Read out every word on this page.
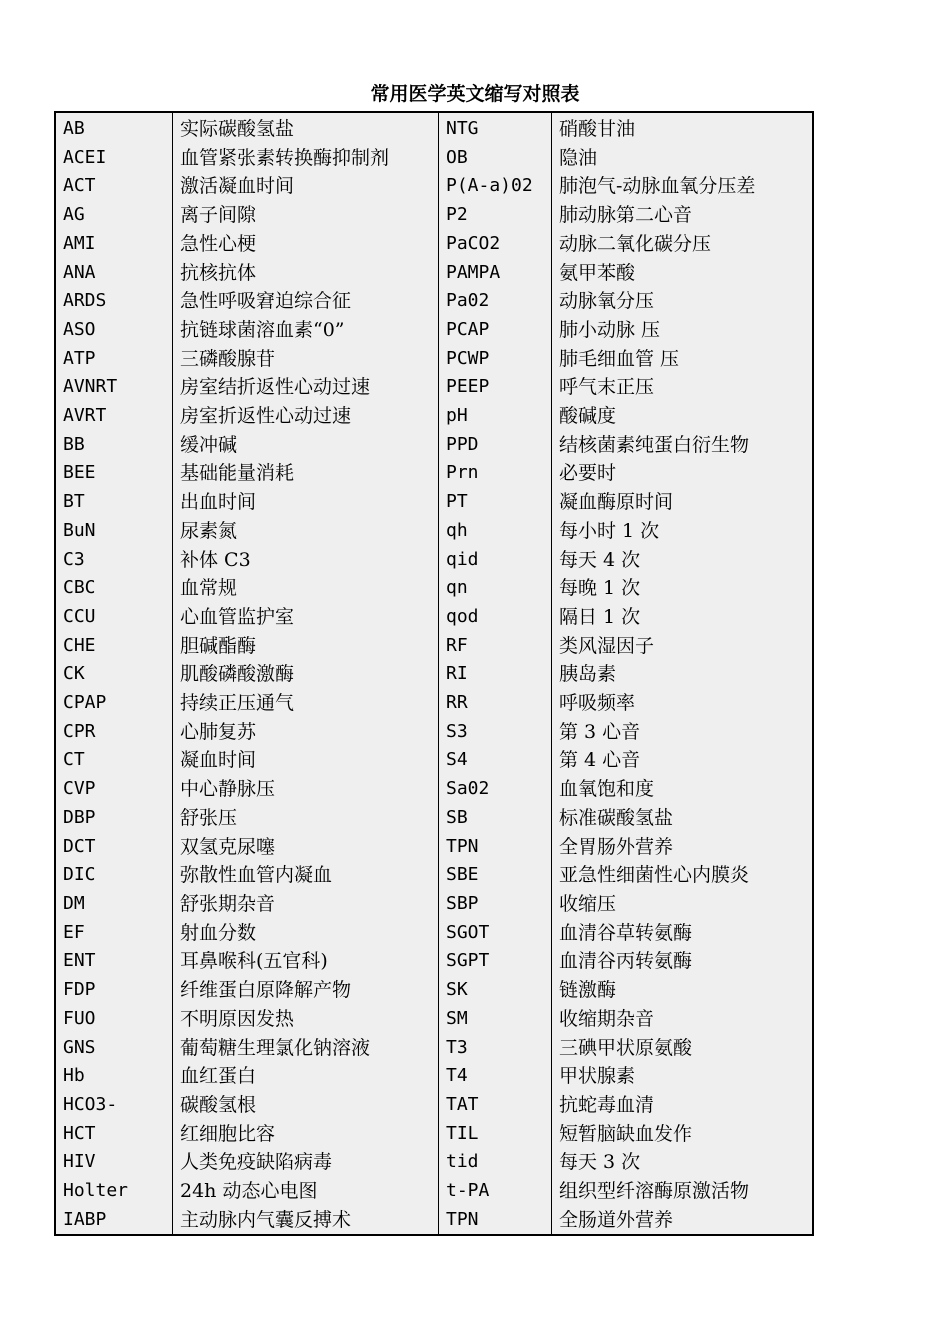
常用医学英文缩写对照表
AB	实际碳酸氢盐	NTG	硝酸甘油
ACEI	血管紧张素转换酶抑制剂	OB	隐油
ACT	激活凝血时间	P(A-a)02	肺泡气-动脉血氧分压差
AG	离子间隙	P2	肺动脉第二心音
AMI	急性心梗	PaCO2	动脉二氧化碳分压
ANA	抗核抗体	PAMPA	氨甲苯酸
ARDS	急性呼吸窘迫综合征	Pa02	动脉氧分压
ASO	抗链球菌溶血素“0”	PCAP	肺小动脉 压
ATP	三磷酸腺苷	PCWP	肺毛细血管 压
AVNRT	房室结折返性心动过速	PEEP	呼气末正压
AVRT	房室折返性心动过速	pH	酸碱度
BB	缓冲碱	PPD	结核菌素纯蛋白衍生物
BEE	基础能量消耗	Prn	必要时
BT	出血时间	PT	凝血酶原时间
BuN	尿素氮	qh	每小时 1 次
C3	补体 C3	qid	每天 4 次
CBC	血常规	qn	每晚 1 次
CCU	心血管监护室	qod	隔日 1 次
CHE	胆碱酯酶	RF	类风湿因子
CK	肌酸磷酸激酶	RI	胰岛素
CPAP	持续正压通气	RR	呼吸频率
CPR	心肺复苏	S3	第 3 心音
CT	凝血时间	S4	第 4 心音
CVP	中心静脉压	Sa02	血氧饱和度
DBP	舒张压	SB	标准碳酸氢盐
DCT	双氢克尿噻	TPN	全胃肠外营养
DIC	弥散性血管内凝血	SBE	亚急性细菌性心内膜炎
DM	舒张期杂音	SBP	收缩压
EF	射血分数	SGOT	血清谷草转氨酶
ENT	耳鼻喉科(五官科)	SGPT	血清谷丙转氨酶
FDP	纤维蛋白原降解产物	SK	链激酶
FUO	不明原因发热	SM	收缩期杂音
GNS	葡萄糖生理氯化钠溶液	T3	三碘甲状原氨酸
Hb	血红蛋白	T4	甲状腺素
HCO3-	碳酸氢根	TAT	抗蛇毒血清
HCT	红细胞比容	TIL	短暂脑缺血发作
HIV	人类免疫缺陷病毒	tid	每天 3 次
Holter	24h 动态心电图	t-PA	组织型纤溶酶原激活物
IABP	主动脉内气囊反搏术	TPN	全肠道外营养
